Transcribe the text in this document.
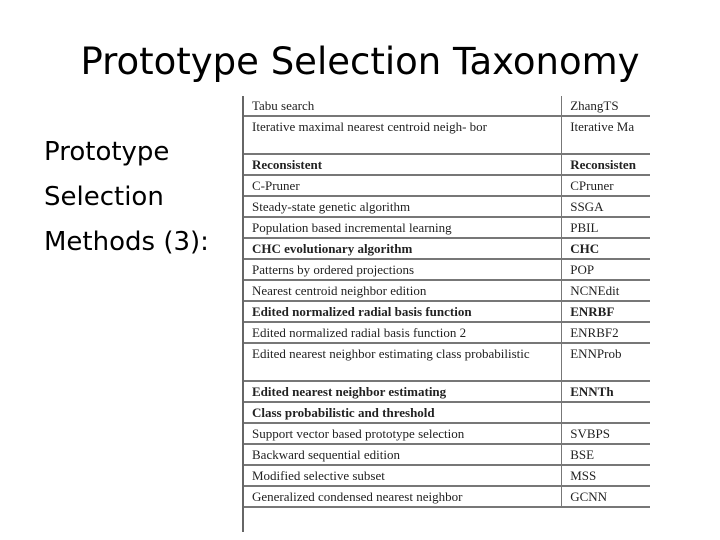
Prototype Selection Taxonomy
Prototype
Selection
Methods (3):
Tabu search	ZhangTS
Iterative maximal nearest centroid neigh- bor	Iterative Ma
Reconsistent	Reconsisten
C-Pruner	CPruner
Steady-state genetic algorithm	SSGA
Population based incremental learning	PBIL
CHC evolutionary algorithm	CHC
Patterns by ordered projections	POP
Nearest centroid neighbor edition	NCNEdit
Edited normalized radial basis function	ENRBF
Edited normalized radial basis function 2	ENRBF2
Edited nearest neighbor estimating class probabilistic	ENNProb
Edited nearest neighbor estimating	ENNTh
Class probabilistic and threshold	
Support vector based prototype selection	SVBPS
Backward sequential edition	BSE
Modified selective subset	MSS
Generalized condensed nearest neighbor	GCNN
